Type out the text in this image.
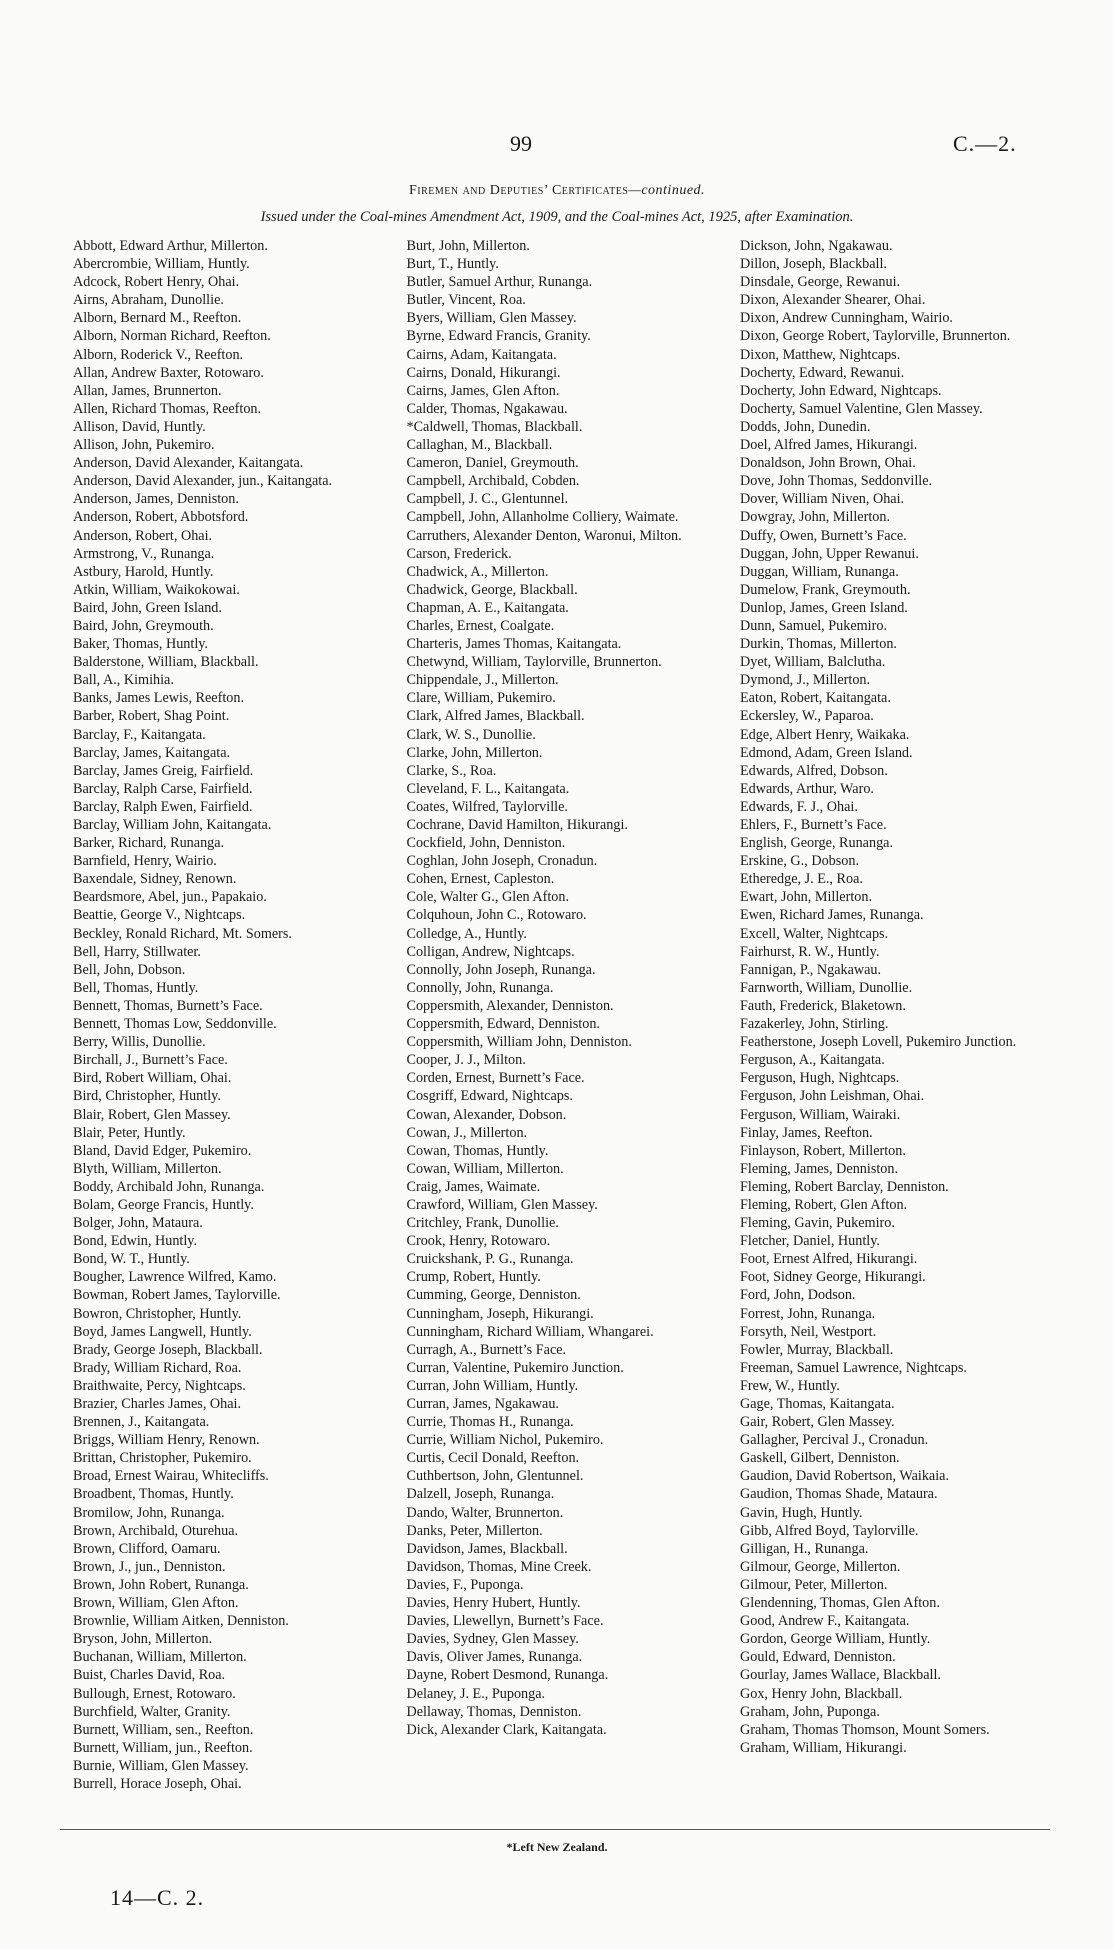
99	C.—2.
Firemen and Deputies’ Certificates—continued.
Issued under the Coal-mines Amendment Act, 1909, and the Coal-mines Act, 1925, after Examination.
Abbott, Edward Arthur, Millerton.
Abercrombie, William, Huntly.
Adcock, Robert Henry, Ohai.
Airns, Abraham, Dunollie.
Alborn, Bernard M., Reefton.
Alborn, Norman Richard, Reefton.
Alborn, Roderick V., Reefton.
Allan, Andrew Baxter, Rotowaro.
Allan, James, Brunnerton.
Allen, Richard Thomas, Reefton.
Allison, David, Huntly.
Allison, John, Pukemiro.
Anderson, David Alexander, Kaitangata.
Anderson, David Alexander, jun., Kaitangata.
Anderson, James, Denniston.
Anderson, Robert, Abbotsford.
Anderson, Robert, Ohai.
Armstrong, V., Runanga.
Astbury, Harold, Huntly.
Atkin, William, Waikokowai.
Baird, John, Green Island.
Baird, John, Greymouth.
Baker, Thomas, Huntly.
Balderstone, William, Blackball.
Ball, A., Kimihia.
Banks, James Lewis, Reefton.
Barber, Robert, Shag Point.
Barclay, F., Kaitangata.
Barclay, James, Kaitangata.
Barclay, James Greig, Fairfield.
Barclay, Ralph Carse, Fairfield.
Barclay, Ralph Ewen, Fairfield.
Barclay, William John, Kaitangata.
Barker, Richard, Runanga.
Barnfield, Henry, Wairio.
Baxendale, Sidney, Renown.
Beardsmore, Abel, jun., Papakaio.
Beattie, George V., Nightcaps.
Beckley, Ronald Richard, Mt. Somers.
Bell, Harry, Stillwater.
Bell, John, Dobson.
Bell, Thomas, Huntly.
Bennett, Thomas, Burnett’s Face.
Bennett, Thomas Low, Seddonville.
Berry, Willis, Dunollie.
Birchall, J., Burnett’s Face.
Bird, Robert William, Ohai.
Bird, Christopher, Huntly.
Blair, Robert, Glen Massey.
Blair, Peter, Huntly.
Bland, David Edger, Pukemiro.
Blyth, William, Millerton.
Boddy, Archibald John, Runanga.
Bolam, George Francis, Huntly.
Bolger, John, Mataura.
Bond, Edwin, Huntly.
Bond, W. T., Huntly.
Bougher, Lawrence Wilfred, Kamo.
Bowman, Robert James, Taylorville.
Bowron, Christopher, Huntly.
Boyd, James Langwell, Huntly.
Brady, George Joseph, Blackball.
Brady, William Richard, Roa.
Braithwaite, Percy, Nightcaps.
Brazier, Charles James, Ohai.
Brennen, J., Kaitangata.
Briggs, William Henry, Renown.
Brittan, Christopher, Pukemiro.
Broad, Ernest Wairau, Whitecliffs.
Broadbent, Thomas, Huntly.
Bromilow, John, Runanga.
Brown, Archibald, Oturehua.
Brown, Clifford, Oamaru.
Brown, J., jun., Denniston.
Brown, John Robert, Runanga.
Brown, William, Glen Afton.
Brownlie, William Aitken, Denniston.
Bryson, John, Millerton.
Buchanan, William, Millerton.
Buist, Charles David, Roa.
Bullough, Ernest, Rotowaro.
Burchfield, Walter, Granity.
Burnett, William, sen., Reefton.
Burnett, William, jun., Reefton.
Burnie, William, Glen Massey.
Burrell, Horace Joseph, Ohai.
Burt, John, Millerton.
Burt, T., Huntly.
Butler, Samuel Arthur, Runanga.
Butler, Vincent, Roa.
Byers, William, Glen Massey.
Byrne, Edward Francis, Granity.
Cairns, Adam, Kaitangata.
Cairns, Donald, Hikurangi.
Cairns, James, Glen Afton.
Calder, Thomas, Ngakawau.
*Caldwell, Thomas, Blackball.
Callaghan, M., Blackball.
Cameron, Daniel, Greymouth.
Campbell, Archibald, Cobden.
Campbell, J. C., Glentunnel.
Campbell, John, Allanholme Colliery, Waimate.
Carruthers, Alexander Denton, Waronui, Milton.
Carson, Frederick.
Chadwick, A., Millerton.
Chadwick, George, Blackball.
Chapman, A. E., Kaitangata.
Charles, Ernest, Coalgate.
Charteris, James Thomas, Kaitangata.
Chetwynd, William, Taylorville, Brunnerton.
Chippendale, J., Millerton.
Clare, William, Pukemiro.
Clark, Alfred James, Blackball.
Clark, W. S., Dunollie.
Clarke, John, Millerton.
Clarke, S., Roa.
Cleveland, F. L., Kaitangata.
Coates, Wilfred, Taylorville.
Cochrane, David Hamilton, Hikurangi.
Cockfield, John, Denniston.
Coghlan, John Joseph, Cronadun.
Cohen, Ernest, Capleston.
Cole, Walter G., Glen Afton.
Colquhoun, John C., Rotowaro.
Colledge, A., Huntly.
Colligan, Andrew, Nightcaps.
Connolly, John Joseph, Runanga.
Connolly, John, Runanga.
Coppersmith, Alexander, Denniston.
Coppersmith, Edward, Denniston.
Coppersmith, William John, Denniston.
Cooper, J. J., Milton.
Corden, Ernest, Burnett’s Face.
Cosgriff, Edward, Nightcaps.
Cowan, Alexander, Dobson.
Cowan, J., Millerton.
Cowan, Thomas, Huntly.
Cowan, William, Millerton.
Craig, James, Waimate.
Crawford, William, Glen Massey.
Critchley, Frank, Dunollie.
Crook, Henry, Rotowaro.
Cruickshank, P. G., Runanga.
Crump, Robert, Huntly.
Cumming, George, Denniston.
Cunningham, Joseph, Hikurangi.
Cunningham, Richard William, Whangarei.
Curragh, A., Burnett’s Face.
Curran, Valentine, Pukemiro Junction.
Curran, John William, Huntly.
Curran, James, Ngakawau.
Currie, Thomas H., Runanga.
Currie, William Nichol, Pukemiro.
Curtis, Cecil Donald, Reefton.
Cuthbertson, John, Glentunnel.
Dalzell, Joseph, Runanga.
Dando, Walter, Brunnerton.
Danks, Peter, Millerton.
Davidson, James, Blackball.
Davidson, Thomas, Mine Creek.
Davies, F., Puponga.
Davies, Henry Hubert, Huntly.
Davies, Llewellyn, Burnett’s Face.
Davies, Sydney, Glen Massey.
Davis, Oliver James, Runanga.
Dayne, Robert Desmond, Runanga.
Delaney, J. E., Puponga.
Dellaway, Thomas, Denniston.
Dick, Alexander Clark, Kaitangata.
Dickson, John, Ngakawau.
Dillon, Joseph, Blackball.
Dinsdale, George, Rewanui.
Dixon, Alexander Shearer, Ohai.
Dixon, Andrew Cunningham, Wairio.
Dixon, George Robert, Taylorville, Brunnerton.
Dixon, Matthew, Nightcaps.
Docherty, Edward, Rewanui.
Docherty, John Edward, Nightcaps.
Docherty, Samuel Valentine, Glen Massey.
Dodds, John, Dunedin.
Doel, Alfred James, Hikurangi.
Donaldson, John Brown, Ohai.
Dove, John Thomas, Seddonville.
Dover, William Niven, Ohai.
Dowgray, John, Millerton.
Duffy, Owen, Burnett’s Face.
Duggan, John, Upper Rewanui.
Duggan, William, Runanga.
Dumelow, Frank, Greymouth.
Dunlop, James, Green Island.
Dunn, Samuel, Pukemiro.
Durkin, Thomas, Millerton.
Dyet, William, Balclutha.
Dymond, J., Millerton.
Eaton, Robert, Kaitangata.
Eckersley, W., Paparoa.
Edge, Albert Henry, Waikaka.
Edmond, Adam, Green Island.
Edwards, Alfred, Dobson.
Edwards, Arthur, Waro.
Edwards, F. J., Ohai.
Ehlers, F., Burnett’s Face.
English, George, Runanga.
Erskine, G., Dobson.
Etheredge, J. E., Roa.
Ewart, John, Millerton.
Ewen, Richard James, Runanga.
Excell, Walter, Nightcaps.
Fairhurst, R. W., Huntly.
Fannigan, P., Ngakawau.
Farnworth, William, Dunollie.
Fauth, Frederick, Blaketown.
Fazakerley, John, Stirling.
Featherstone, Joseph Lovell, Pukemiro Junction.
Ferguson, A., Kaitangata.
Ferguson, Hugh, Nightcaps.
Ferguson, John Leishman, Ohai.
Ferguson, William, Wairaki.
Finlay, James, Reefton.
Finlayson, Robert, Millerton.
Fleming, James, Denniston.
Fleming, Robert Barclay, Denniston.
Fleming, Robert, Glen Afton.
Fleming, Gavin, Pukemiro.
Fletcher, Daniel, Huntly.
Foot, Ernest Alfred, Hikurangi.
Foot, Sidney George, Hikurangi.
Ford, John, Dodson.
Forrest, John, Runanga.
Forsyth, Neil, Westport.
Fowler, Murray, Blackball.
Freeman, Samuel Lawrence, Nightcaps.
Frew, W., Huntly.
Gage, Thomas, Kaitangata.
Gair, Robert, Glen Massey.
Gallagher, Percival J., Cronadun.
Gaskell, Gilbert, Denniston.
Gaudion, David Robertson, Waikaia.
Gaudion, Thomas Shade, Mataura.
Gavin, Hugh, Huntly.
Gibb, Alfred Boyd, Taylorville.
Gilligan, H., Runanga.
Gilmour, George, Millerton.
Gilmour, Peter, Millerton.
Glendenning, Thomas, Glen Afton.
Good, Andrew F., Kaitangata.
Gordon, George William, Huntly.
Gould, Edward, Denniston.
Gourlay, James Wallace, Blackball.
Gox, Henry John, Blackball.
Graham, John, Puponga.
Graham, Thomas Thomson, Mount Somers.
Graham, William, Hikurangi.
*Left New Zealand.
14—C. 2.
